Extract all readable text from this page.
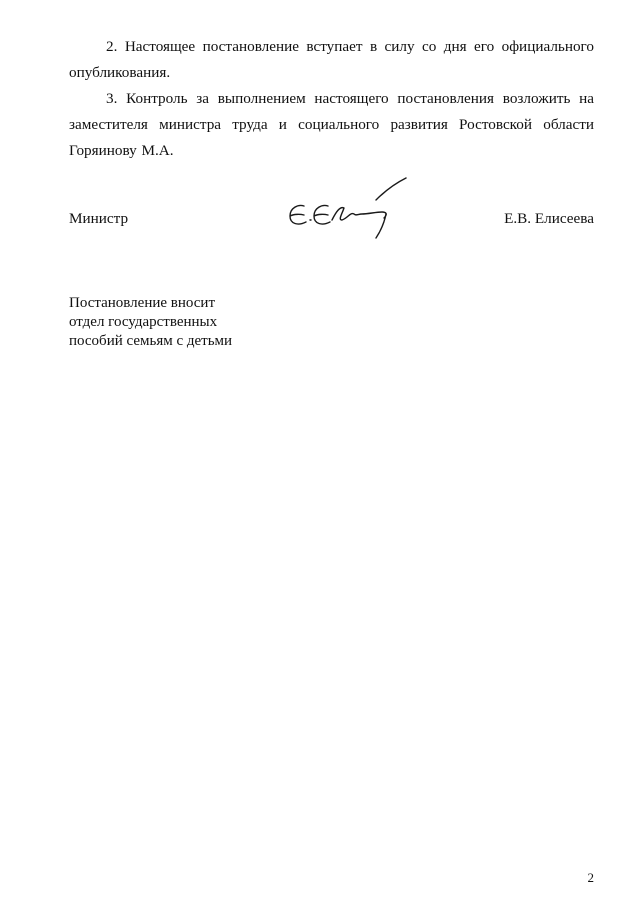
2. Настоящее постановление вступает в силу со дня его официального опубликования.

3. Контроль за выполнением настоящего постановления возложить на заместителя министра труда и социального развития Ростовской области Горяинову М.А.

Министр	Е.В. Елисеева
Постановление вносит
отдел государственных
пособий семьям с детьми
2
